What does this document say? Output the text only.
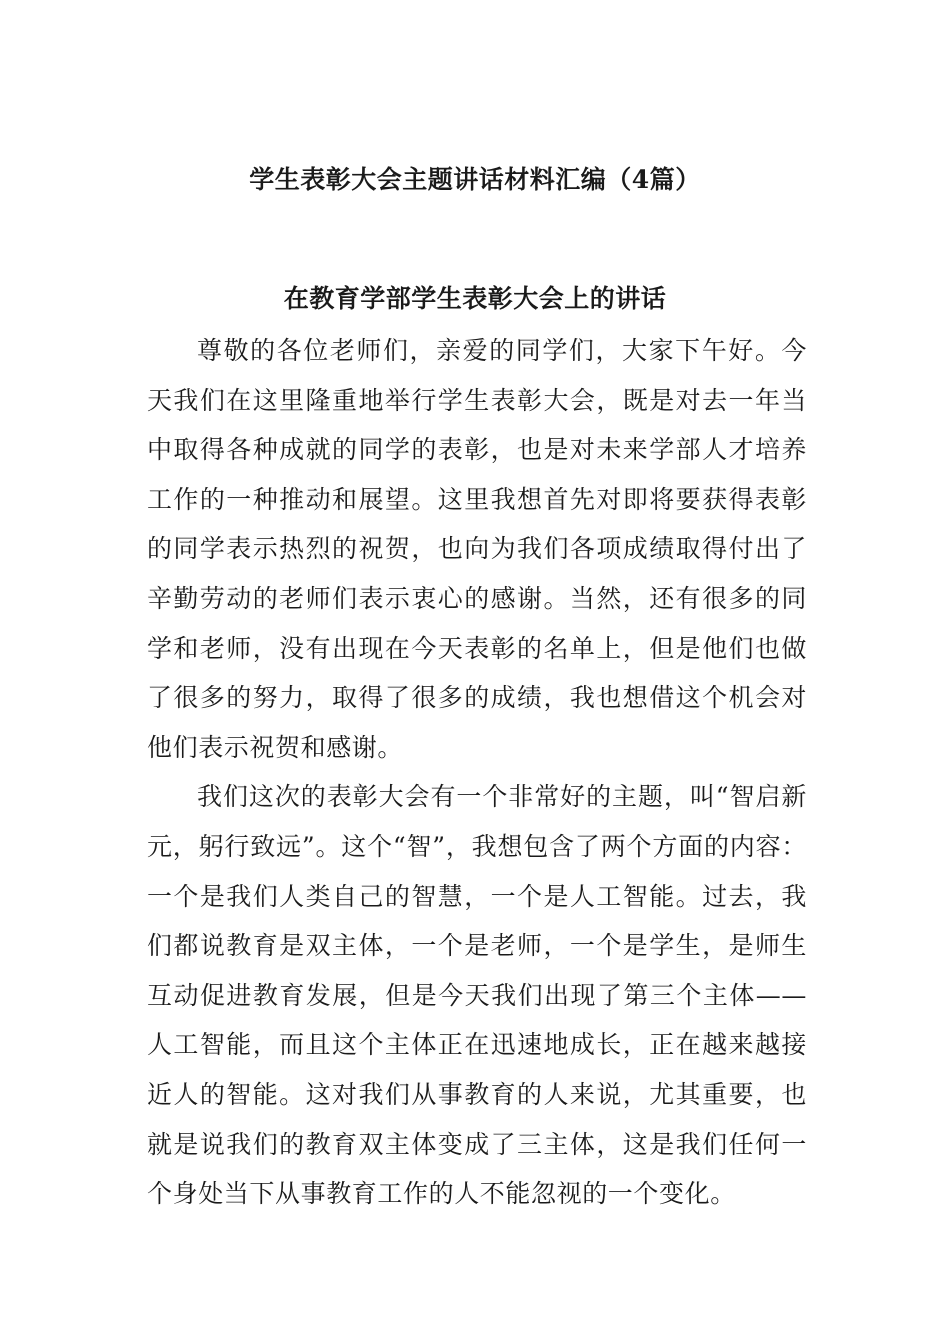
学生表彰大会主题讲话材料汇编（4篇）
在教育学部学生表彰大会上的讲话

尊敬的各位老师们，亲爱的同学们，大家下午好。今天我们在这里隆重地举行学生表彰大会，既是对去一年当中取得各种成就的同学的表彰，也是对未来学部人才培养工作的一种推动和展望。这里我想首先对即将要获得表彰的同学表示热烈的祝贺，也向为我们各项成绩取得付出了辛勤劳动的老师们表示衷心的感谢。当然，还有很多的同学和老师，没有出现在今天表彰的名单上，但是他们也做了很多的努力，取得了很多的成绩，我也想借这个机会对他们表示祝贺和感谢。

我们这次的表彰大会有一个非常好的主题，叫“智启新元，躬行致远”。这个“智”，我想包含了两个方面的内容：一个是我们人类自己的智慧，一个是人工智能。过去，我们都说教育是双主体，一个是老师，一个是学生，是师生互动促进教育发展，但是今天我们出现了第三个主体——人工智能，而且这个主体正在迅速地成长，正在越来越接近人的智能。这对我们从事教育的人来说，尤其重要，也就是说我们的教育双主体变成了三主体，这是我们任何一个身处当下从事教育工作的人不能忽视的一个变化。
